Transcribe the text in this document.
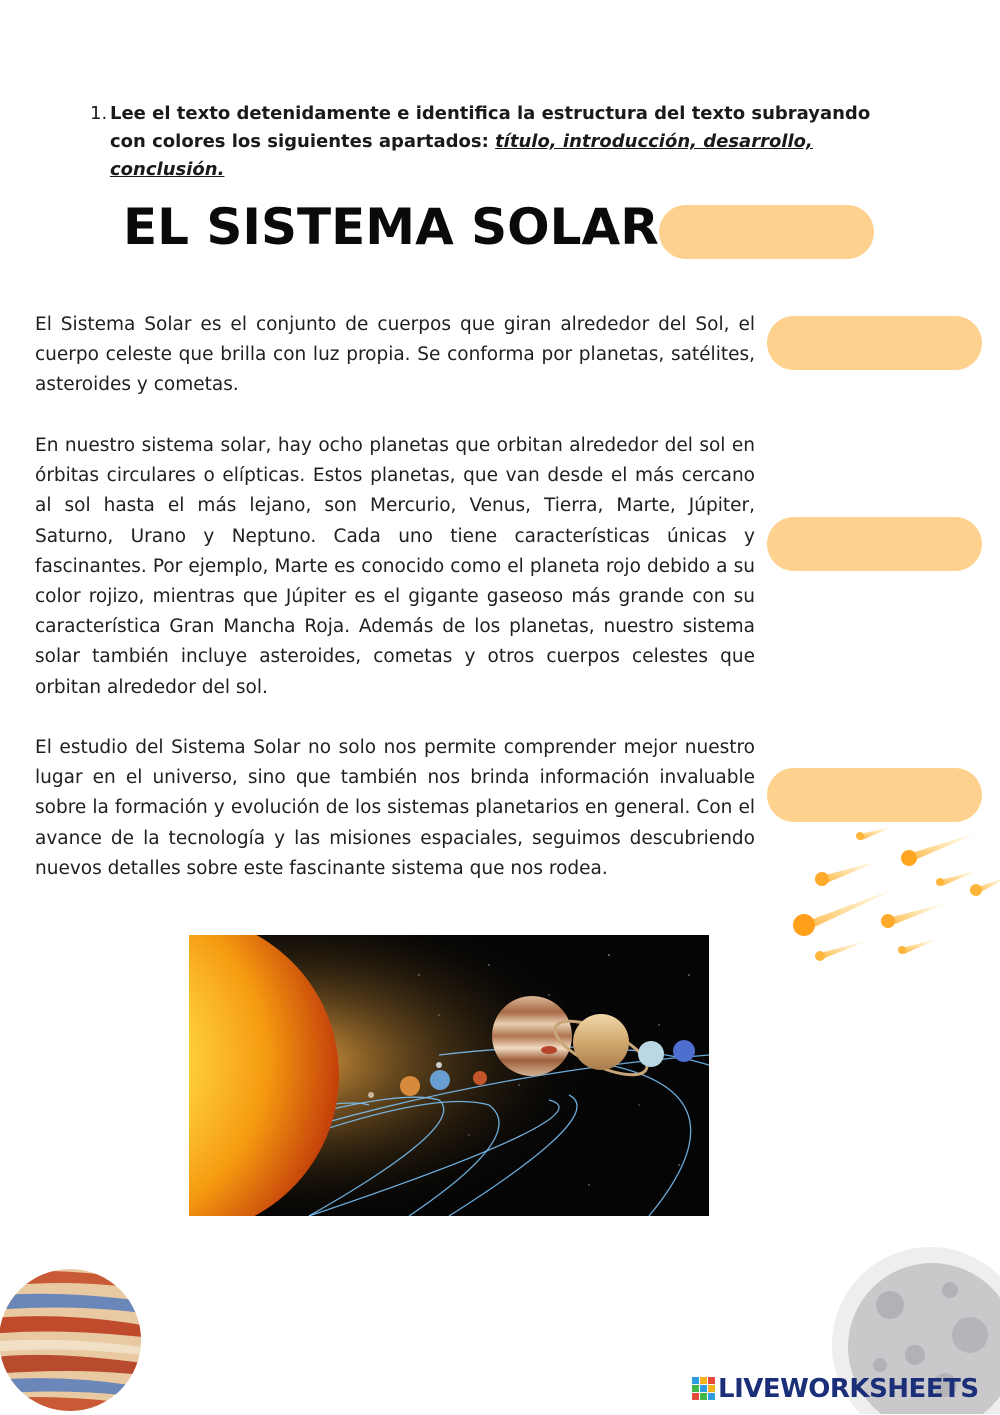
1. Lee el texto detenidamente e identifica la estructura del texto subrayando con colores los siguientes apartados: título, introducción, desarrollo, conclusión.
EL SISTEMA SOLAR

El Sistema Solar es el conjunto de cuerpos que giran alrededor del Sol, el cuerpo celeste que brilla con luz propia. Se conforma por planetas, satélites, asteroides y cometas.

En nuestro sistema solar, hay ocho planetas que orbitan alrededor del sol en órbitas circulares o elípticas. Estos planetas, que van desde el más cercano al sol hasta el más lejano, son Mercurio, Venus, Tierra, Marte, Júpiter, Saturno, Urano y Neptuno. Cada uno tiene características únicas y fascinantes. Por ejemplo, Marte es conocido como el planeta rojo debido a su color rojizo, mientras que Júpiter es el gigante gaseoso más grande con su característica Gran Mancha Roja. Además de los planetas, nuestro sistema solar también incluye asteroides, cometas y otros cuerpos celestes que orbitan alrededor del sol.

El estudio del Sistema Solar no solo nos permite comprender mejor nuestro lugar en el universo, sino que también nos brinda información invaluable sobre la formación y evolución de los sistemas planetarios en general. Con el avance de la tecnología y las misiones espaciales, seguimos descubriendo nuevos detalles sobre este fascinante sistema que nos rodea.

LIVEWORKSHEETS
